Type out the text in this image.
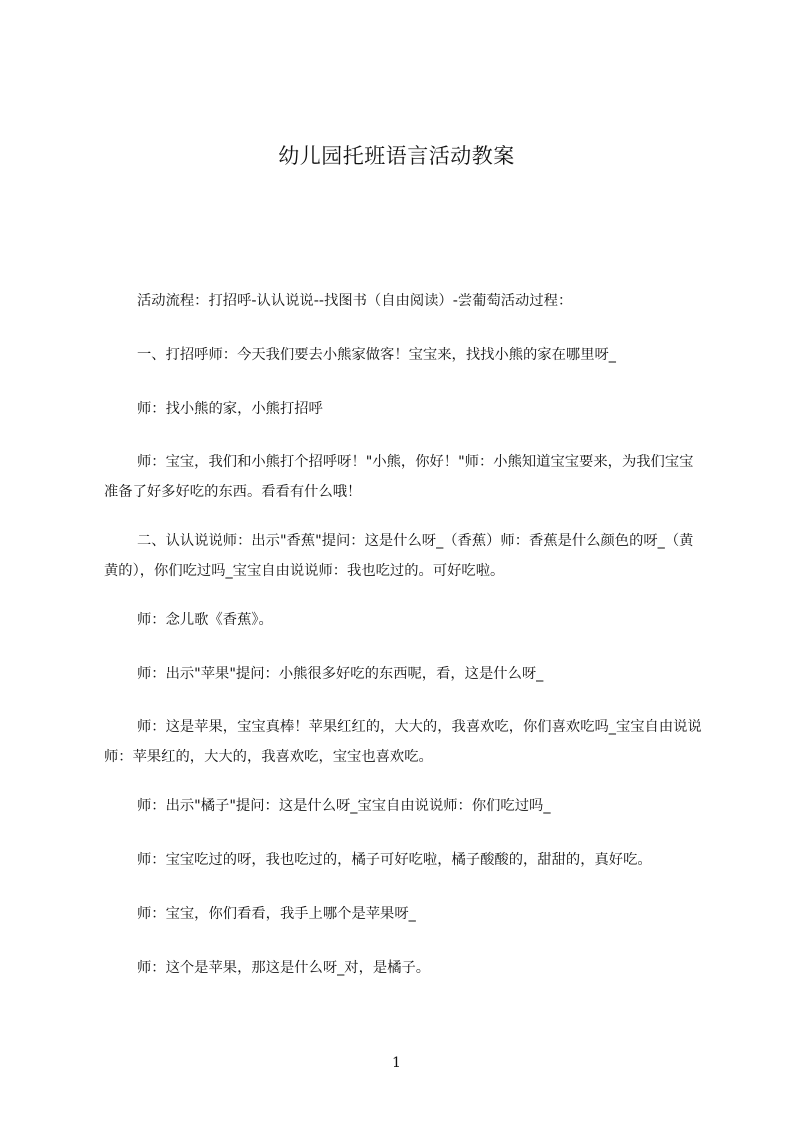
幼儿园托班语言活动教案
活动流程：打招呼-认认说说--找图书（自由阅读）-尝葡萄活动过程：
一、打招呼师：今天我们要去小熊家做客！宝宝来，找找小熊的家在哪里呀_
师：找小熊的家，小熊打招呼
师：宝宝，我们和小熊打个招呼呀！"小熊，你好！"师：小熊知道宝宝要来，为我们宝宝准备了好多好吃的东西。看看有什么哦！
二、认认说说师：出示"香蕉"提问：这是什么呀_（香蕉）师：香蕉是什么颜色的呀_（黄黄的），你们吃过吗_宝宝自由说说师：我也吃过的。可好吃啦。
师：念儿歌《香蕉》。
师：出示"苹果"提问：小熊很多好吃的东西呢，看，这是什么呀_
师：这是苹果，宝宝真棒！苹果红红的，大大的，我喜欢吃，你们喜欢吃吗_宝宝自由说说师：苹果红的，大大的，我喜欢吃，宝宝也喜欢吃。
师：出示"橘子"提问：这是什么呀_宝宝自由说说师：你们吃过吗_
师：宝宝吃过的呀，我也吃过的，橘子可好吃啦，橘子酸酸的，甜甜的，真好吃。
师：宝宝，你们看看，我手上哪个是苹果呀_
师：这个是苹果，那这是什么呀_对，是橘子。
1
